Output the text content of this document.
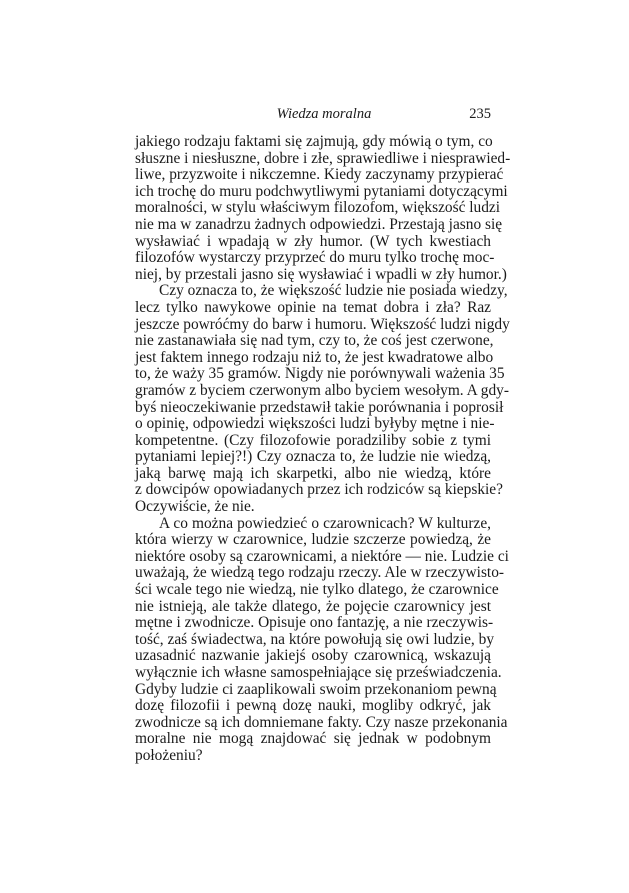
Wiedza moralna	235
jakiego rodzaju faktami się zajmują, gdy mówią o tym, co
słuszne i niesłuszne, dobre i złe, sprawiedliwe i niesprawied-
liwe, przyzwoite i nikczemne. Kiedy zaczynamy przypierać
ich trochę do muru podchwytliwymi pytaniami dotyczącymi
moralności, w stylu właściwym filozofom, większość ludzi
nie ma w zanadrzu żadnych odpowiedzi. Przestają jasno się
wysławiać i wpadają w zły humor. (W tych kwestiach
filozofów wystarczy przyprzeć do muru tylko trochę moc-
niej, by przestali jasno się wysławiać i wpadli w zły humor.)
Czy oznacza to, że większość ludzie nie posiada wiedzy,
lecz tylko nawykowe opinie na temat dobra i zła? Raz
jeszcze powróćmy do barw i humoru. Większość ludzi nigdy
nie zastanawiała się nad tym, czy to, że coś jest czerwone,
jest faktem innego rodzaju niż to, że jest kwadratowe albo
to, że waży 35 gramów. Nigdy nie porównywali ważenia 35
gramów z byciem czerwonym albo byciem wesołym. A gdy-
byś nieoczekiwanie przedstawił takie porównania i poprosił
o opinię, odpowiedzi większości ludzi byłyby mętne i nie-
kompetentne. (Czy filozofowie poradziliby sobie z tymi
pytaniami lepiej?!) Czy oznacza to, że ludzie nie wiedzą,
jaką barwę mają ich skarpetki, albo nie wiedzą, które
z dowcipów opowiadanych przez ich rodziców są kiepskie?
Oczywiście, że nie.
A co można powiedzieć o czarownicach? W kulturze,
która wierzy w czarownice, ludzie szczerze powiedzą, że
niektóre osoby są czarownicami, a niektóre — nie. Ludzie ci
uważają, że wiedzą tego rodzaju rzeczy. Ale w rzeczywisto-
ści wcale tego nie wiedzą, nie tylko dlatego, że czarownice
nie istnieją, ale także dlatego, że pojęcie czarownicy jest
mętne i zwodnicze. Opisuje ono fantazję, a nie rzeczywis-
tość, zaś świadectwa, na które powołują się owi ludzie, by
uzasadnić nazwanie jakiejś osoby czarownicą, wskazują
wyłącznie ich własne samospełniające się przeświadczenia.
Gdyby ludzie ci zaaplikowali swoim przekonaniom pewną
dozę filozofii i pewną dozę nauki, mogliby odkryć, jak
zwodnicze są ich domniemane fakty. Czy nasze przekonania
moralne nie mogą znajdować się jednak w podobnym
położeniu?
